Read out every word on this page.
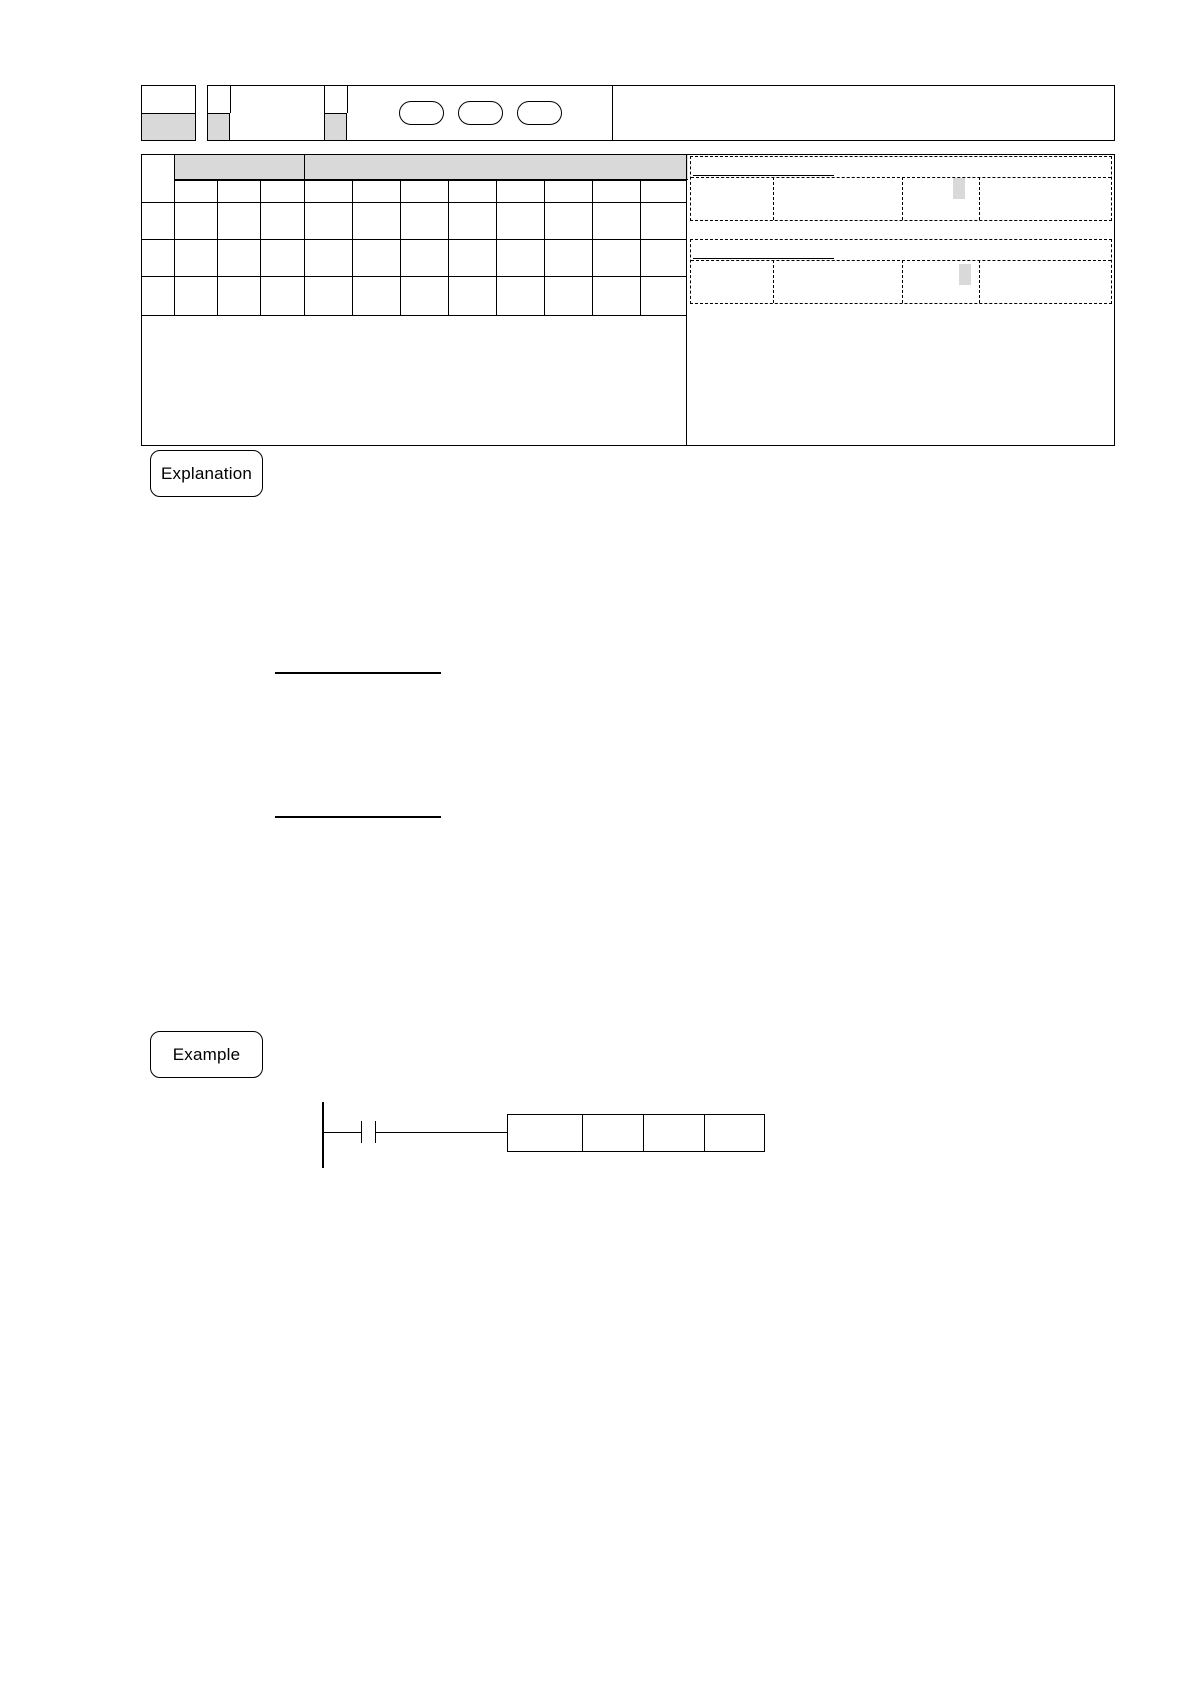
Explanation
Example
